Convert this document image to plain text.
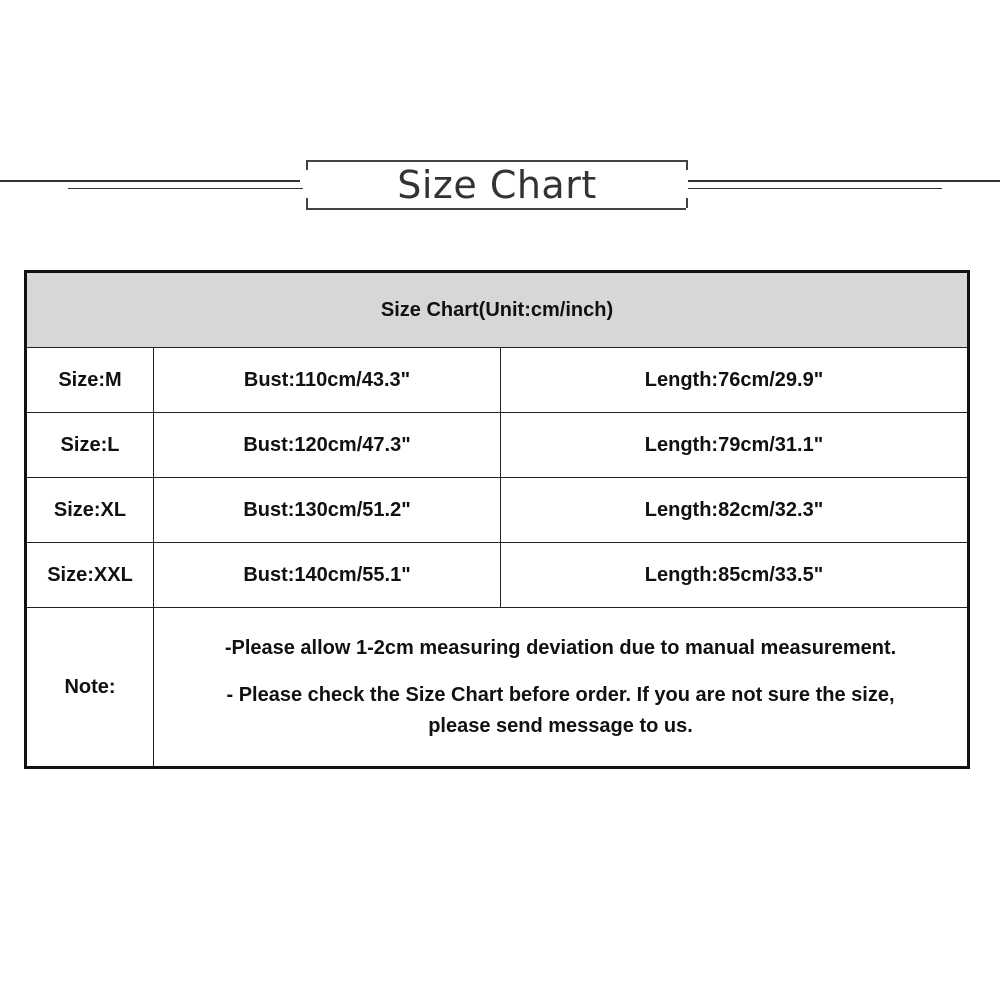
Size Chart
Size Chart(Unit:cm/inch)		
Size:M	Bust:110cm/43.3"	Length:76cm/29.9"
Size:L	Bust:120cm/47.3"	Length:79cm/31.1"
Size:XL	Bust:130cm/51.2"	Length:82cm/32.3"
Size:XXL	Bust:140cm/55.1"	Length:85cm/33.5"
Note:	-Please allow 1-2cm measuring deviation due to manual measurement.
- Please check the Size Chart before order. If you are not sure the size,
please send message to us.	
